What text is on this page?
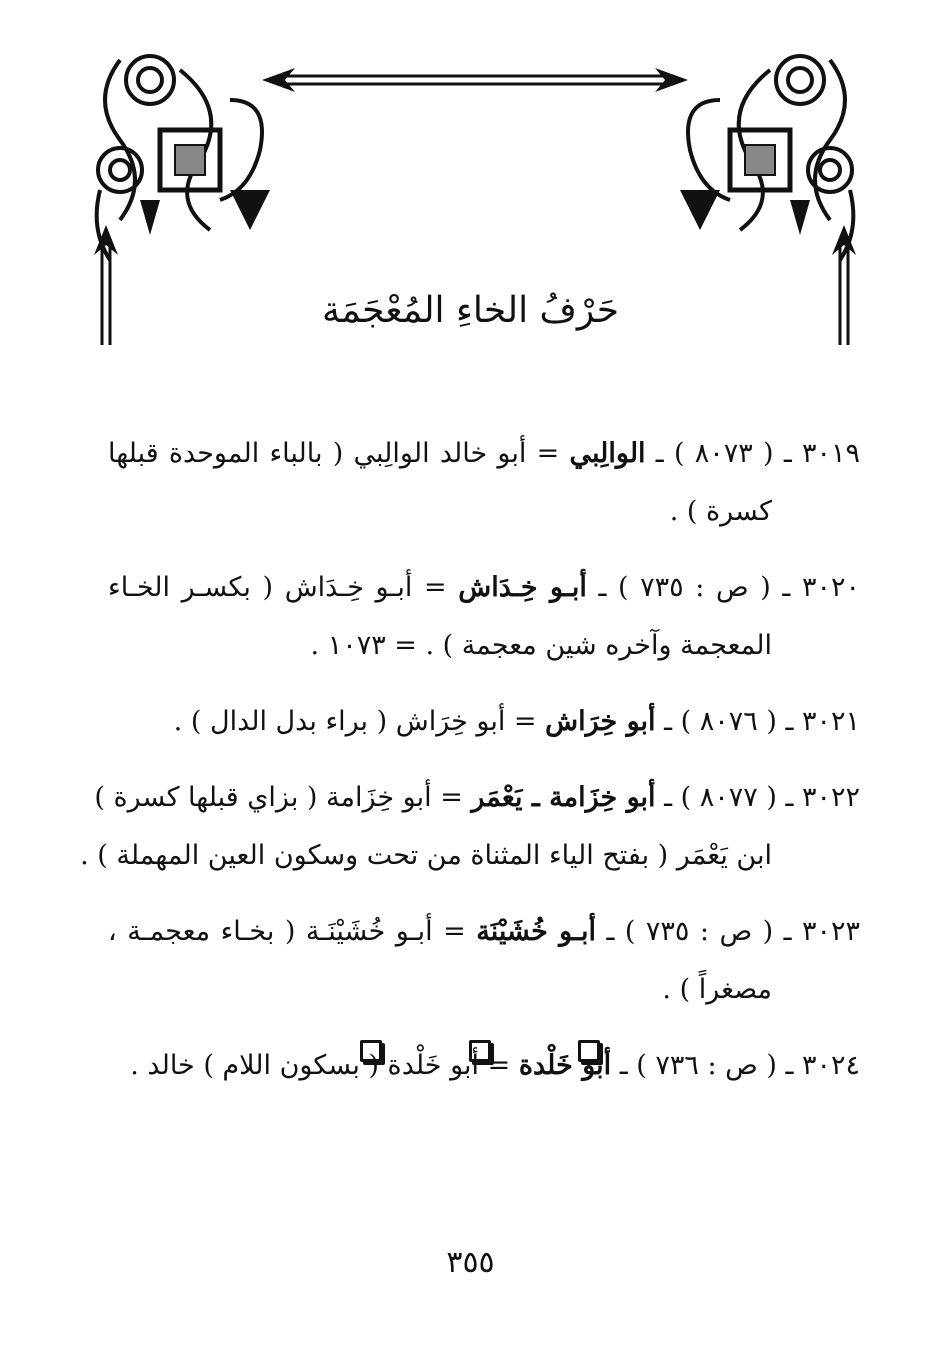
حَرْفُ الخاءِ المُعْجَمَة
٣٠١٩ ـ ( ٨٠٧٣ ) ـ الوالِبي = أبو خالد الوالِبي ( بالباء الموحدة قبلها
كسرة ) .
٣٠٢٠ ـ ( ص : ٧٣٥ ) ـ أبـو خِـدَاش = أبـو خِـدَاش ( بكسـر الخـاء
المعجمة وآخره شين معجمة ) . = ١٠٧٣ .
٣٠٢١ ـ ( ٨٠٧٦ ) ـ أبو خِرَاش = أبو خِرَاش ( براء بدل الدال ) .
٣٠٢٢ ـ ( ٨٠٧٧ ) ـ أبو خِزَامة ـ يَعْمَر = أبو خِزَامة ( بزاي قبلها كسرة )
ابن يَعْمَر ( بفتح الياء المثناة من تحت وسكون العين المهملة ) .
٣٠٢٣ ـ ( ص : ٧٣٥ ) ـ أبـو خُشَيْنَة = أبـو خُشَيْنَـة ( بخـاء معجمـة ،
مصغراً ) .
٣٠٢٤ ـ ( ص : ٧٣٦ ) ـ أبو خَلْدة = أبو خَلْدة ( بسكون اللام ) خالد .
٣٥٥
